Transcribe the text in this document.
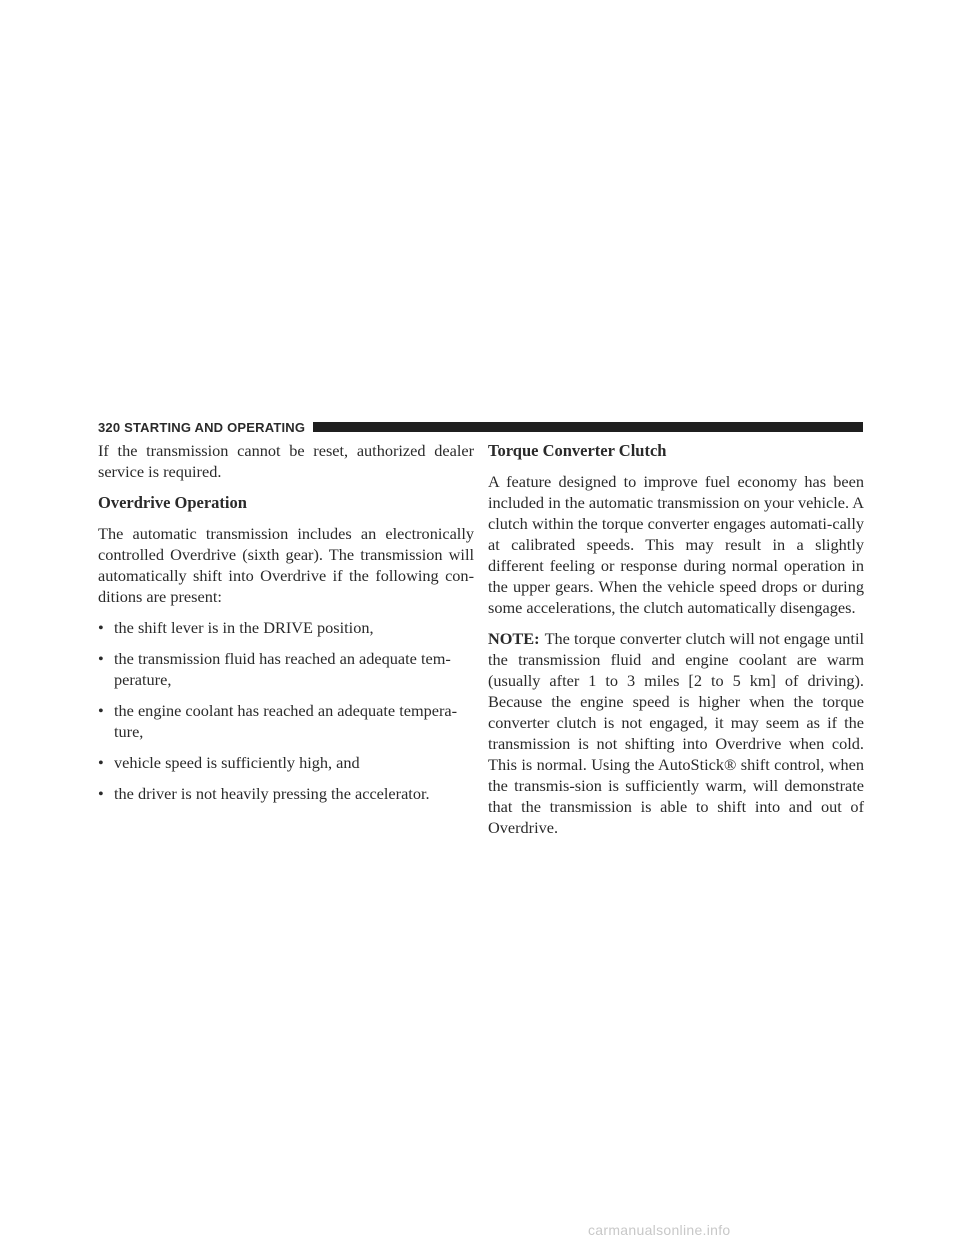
320 STARTING AND OPERATING

If the transmission cannot be reset, authorized dealer service is required.

Overdrive Operation

The automatic transmission includes an electronically controlled Overdrive (sixth gear). The transmission will automatically shift into Overdrive if the following con-ditions are present:

• the shift lever is in the DRIVE position,
• the transmission fluid has reached an adequate tem-perature,
• the engine coolant has reached an adequate tempera-ture,
• vehicle speed is sufficiently high, and
• the driver is not heavily pressing the accelerator.
Torque Converter Clutch

A feature designed to improve fuel economy has been included in the automatic transmission on your vehicle. A clutch within the torque converter engages automati-cally at calibrated speeds. This may result in a slightly different feeling or response during normal operation in the upper gears. When the vehicle speed drops or during some accelerations, the clutch automatically disengages.

NOTE: The torque converter clutch will not engage until the transmission fluid and engine coolant are warm (usually after 1 to 3 miles [2 to 5 km] of driving). Because the engine speed is higher when the torque converter clutch is not engaged, it may seem as if the transmission is not shifting into Overdrive when cold. This is normal. Using the AutoStick® shift control, when the transmis-sion is sufficiently warm, will demonstrate that the transmission is able to shift into and out of Overdrive.

carmanualsonline.info
